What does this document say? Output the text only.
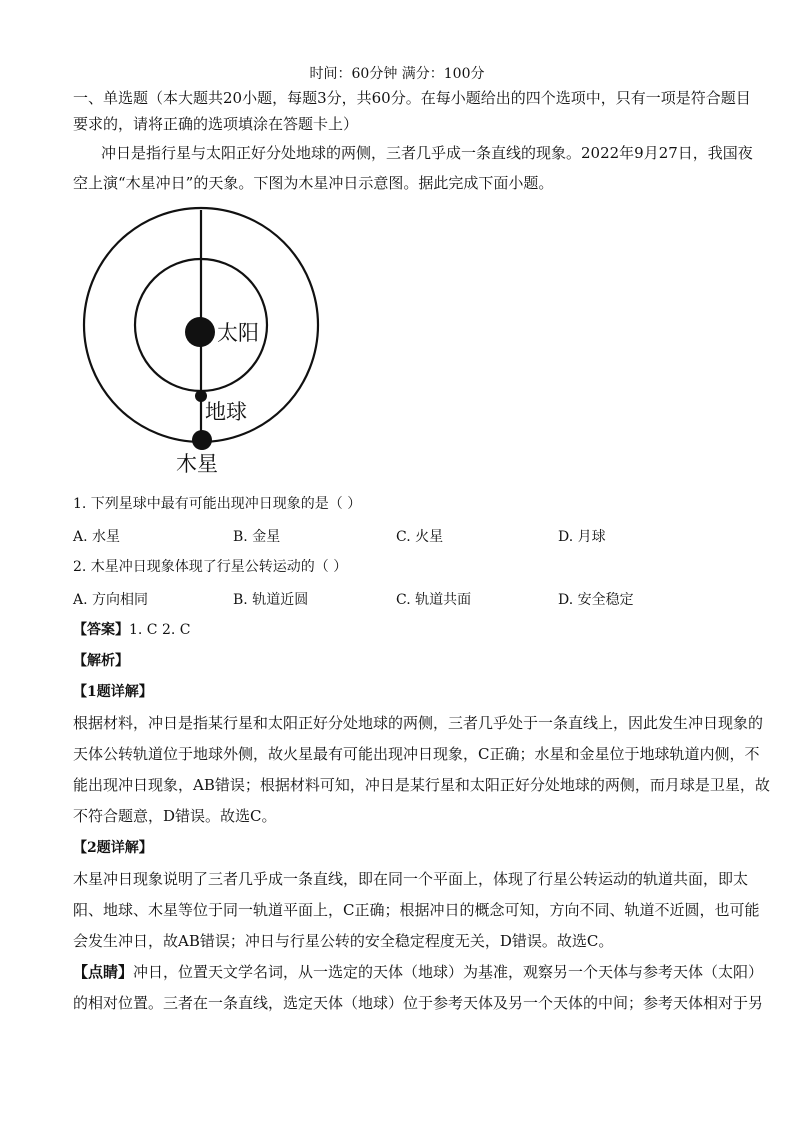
时间：60分钟 满分：100分
一、单选题（本大题共20小题，每题3分，共60分。在每小题给出的四个选项中，只有一项是符合题目
要求的，请将正确的选项填涂在答题卡上）
冲日是指行星与太阳正好分处地球的两侧，三者几乎成一条直线的现象。2022年9月27日，我国夜
空上演“木星冲日”的天象。下图为木星冲日示意图。据此完成下面小题。
太阳
地球
木星
1. 下列星球中最有可能出现冲日现象的是（ ）
A. 水星	B. 金星	C. 火星	D. 月球
2. 木星冲日现象体现了行星公转运动的（ ）
A. 方向相同	B. 轨道近圆	C. 轨道共面	D. 安全稳定
【答案】1. C 2. C
【解析】
【1题详解】
根据材料，冲日是指某行星和太阳正好分处地球的两侧，三者几乎处于一条直线上，因此发生冲日现象的
天体公转轨道位于地球外侧，故火星最有可能出现冲日现象，C正确；水星和金星位于地球轨道内侧，不
能出现冲日现象，AB错误；根据材料可知，冲日是某行星和太阳正好分处地球的两侧，而月球是卫星，故
不符合题意，D错误。故选C。
【2题详解】
木星冲日现象说明了三者几乎成一条直线，即在同一个平面上，体现了行星公转运动的轨道共面，即太
阳、地球、木星等位于同一轨道平面上，C正确；根据冲日的概念可知，方向不同、轨道不近圆，也可能
会发生冲日，故AB错误；冲日与行星公转的安全稳定程度无关，D错误。故选C。
【点睛】冲日，位置天文学名词，从一选定的天体（地球）为基准，观察另一个天体与参考天体（太阳）
的相对位置。三者在一条直线，选定天体（地球）位于参考天体及另一个天体的中间；参考天体相对于另
